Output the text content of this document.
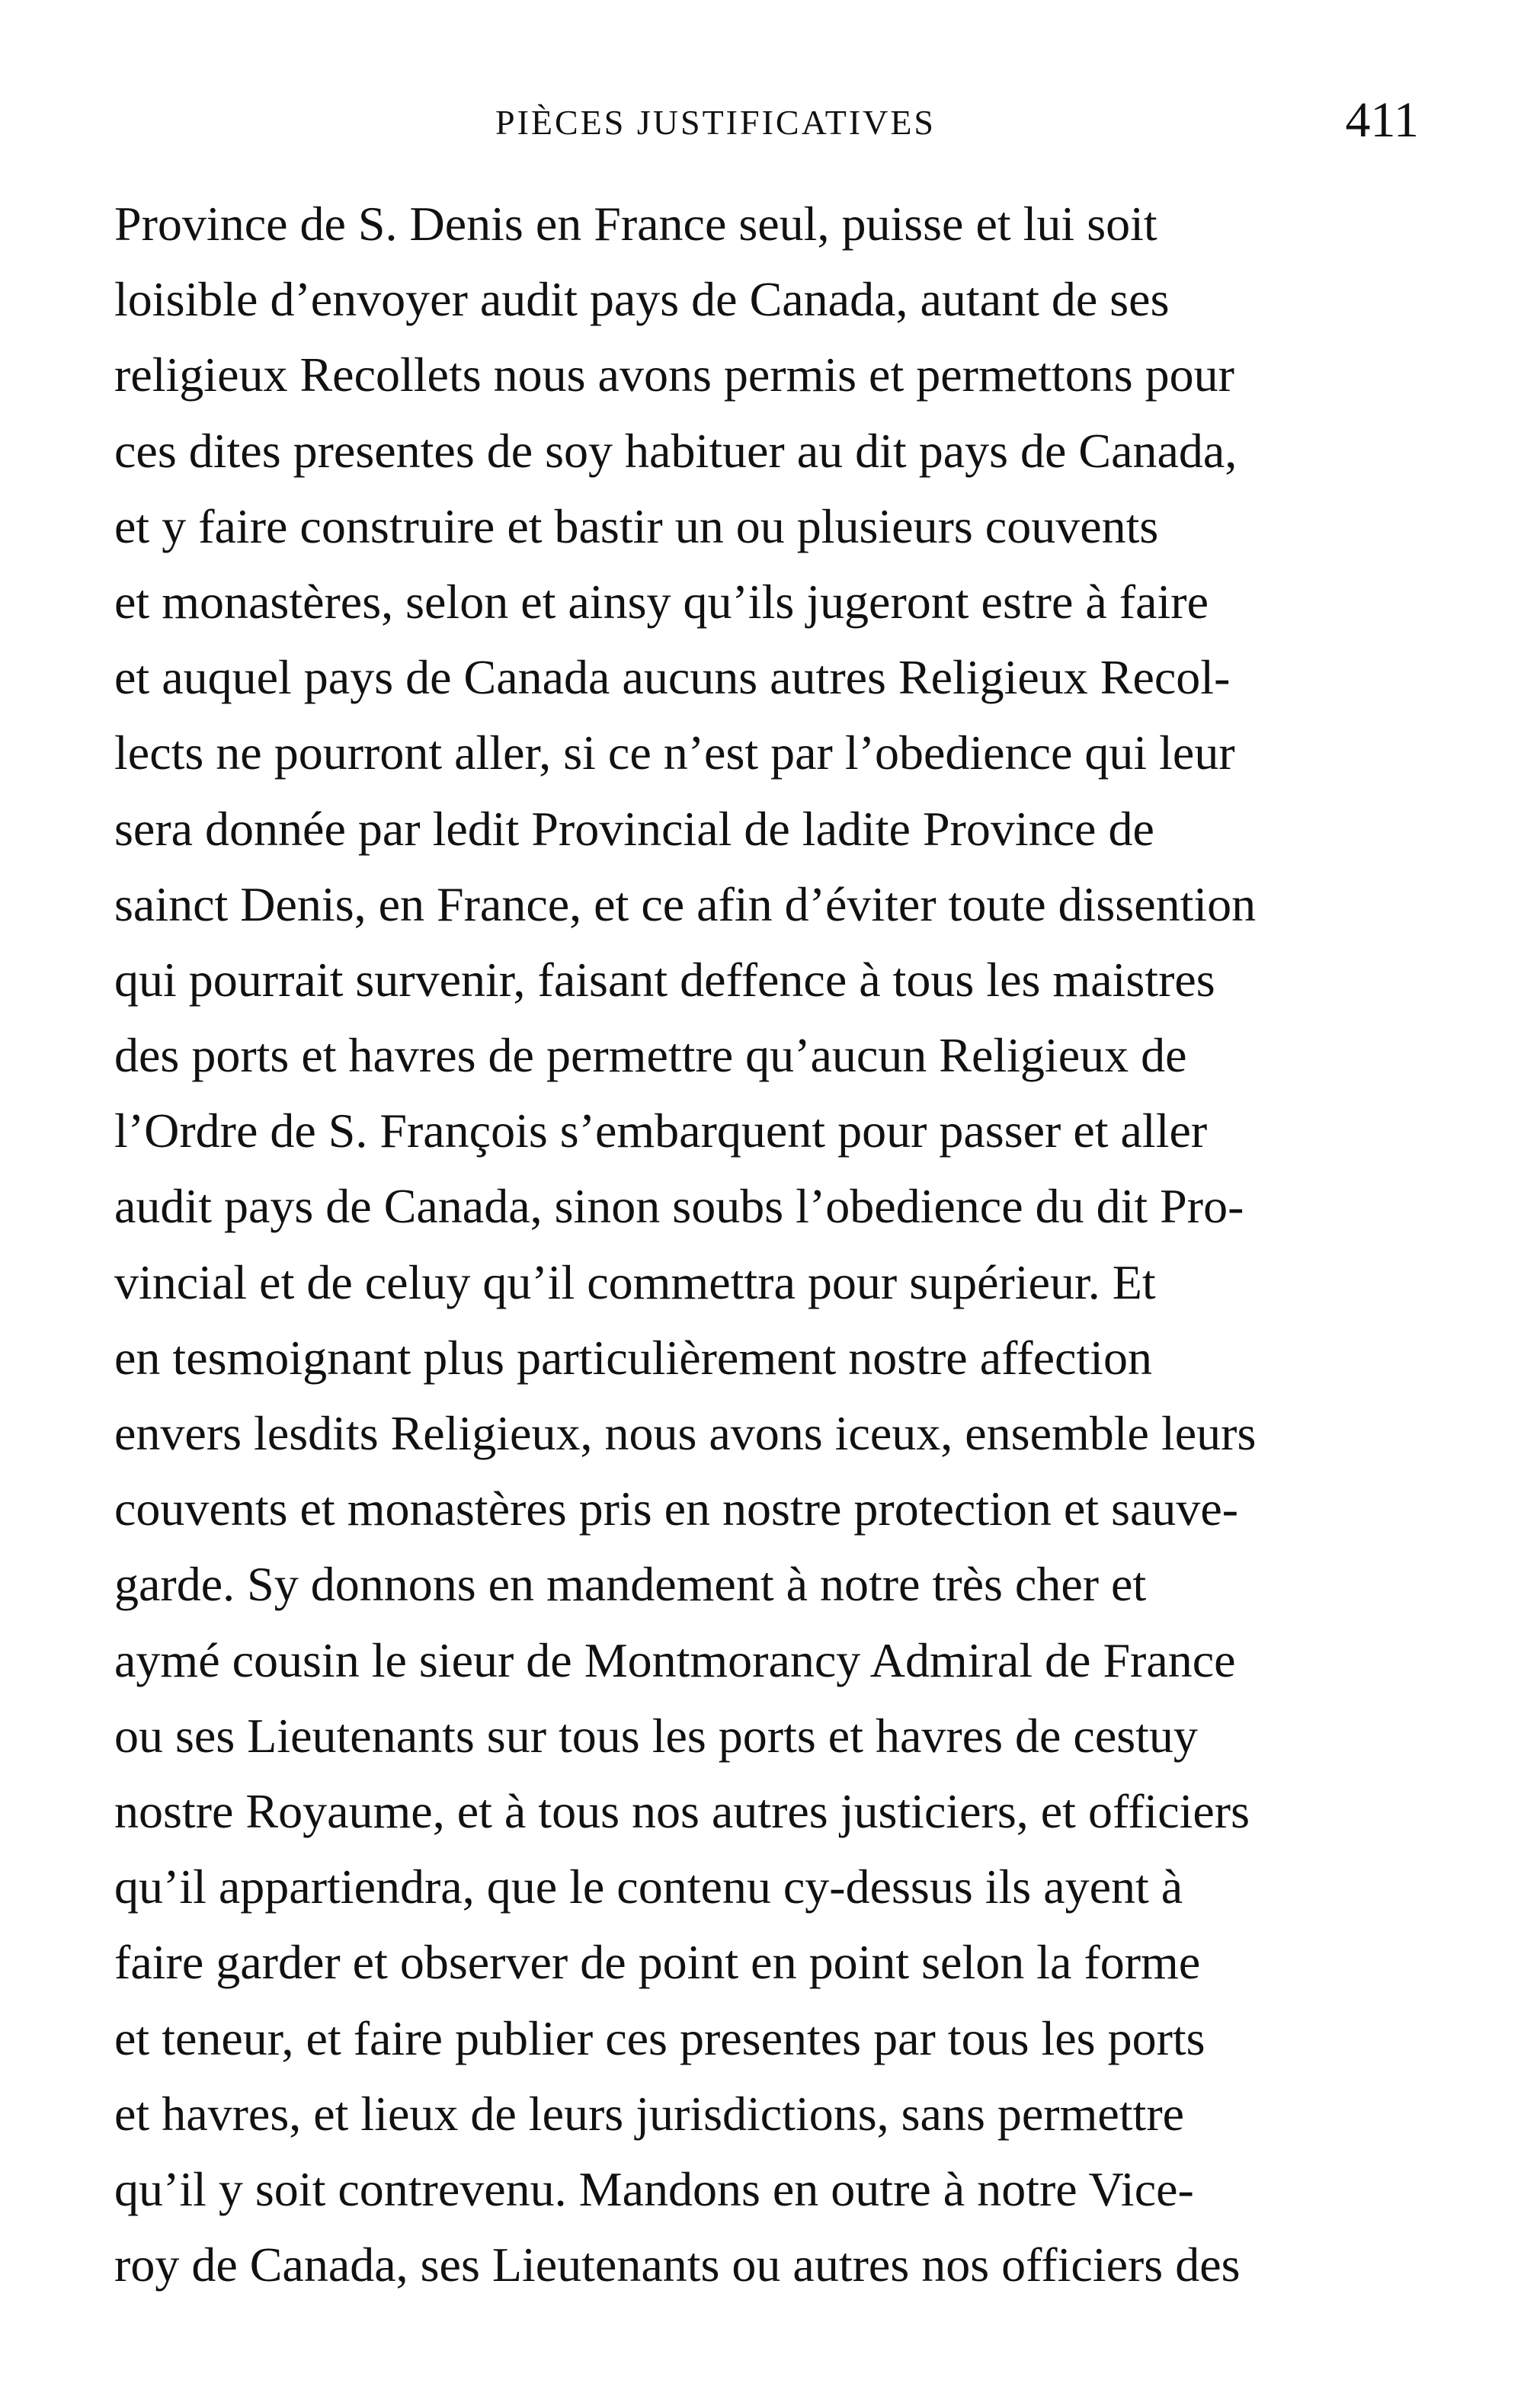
PIÈCES JUSTIFICATIVES	411
Province de S. Denis en France seul, puisse et lui soit
loisible d’envoyer audit pays de Canada, autant de ses
religieux Recollets nous avons permis et permettons pour
ces dites presentes de soy habituer au dit pays de Canada,
et y faire construire et bastir un ou plusieurs couvents
et monastères, selon et ainsy qu’ils jugeront estre à faire
et auquel pays de Canada aucuns autres Religieux Recol-
lects ne pourront aller, si ce n’est par l’obedience qui leur
sera donnée par ledit Provincial de ladite Province de
sainct Denis, en France, et ce afin d’éviter toute dissention
qui pourrait survenir, faisant deffence à tous les maistres
des ports et havres de permettre qu’aucun Religieux de
l’Ordre de S. François s’embarquent pour passer et aller
audit pays de Canada, sinon soubs l’obedience du dit Pro-
vincial et de celuy qu’il commettra pour supérieur. Et
en tesmoignant plus particulièrement nostre affection
envers lesdits Religieux, nous avons iceux, ensemble leurs
couvents et monastères pris en nostre protection et sauve-
garde. Sy donnons en mandement à notre très cher et
aymé cousin le sieur de Montmorancy Admiral de France
ou ses Lieutenants sur tous les ports et havres de cestuy
nostre Royaume, et à tous nos autres justiciers, et officiers
qu’il appartiendra, que le contenu cy-dessus ils ayent à
faire garder et observer de point en point selon la forme
et teneur, et faire publier ces presentes par tous les ports
et havres, et lieux de leurs jurisdictions, sans permettre
qu’il y soit contrevenu. Mandons en outre à notre Vice-
roy de Canada, ses Lieutenants ou autres nos officiers des
